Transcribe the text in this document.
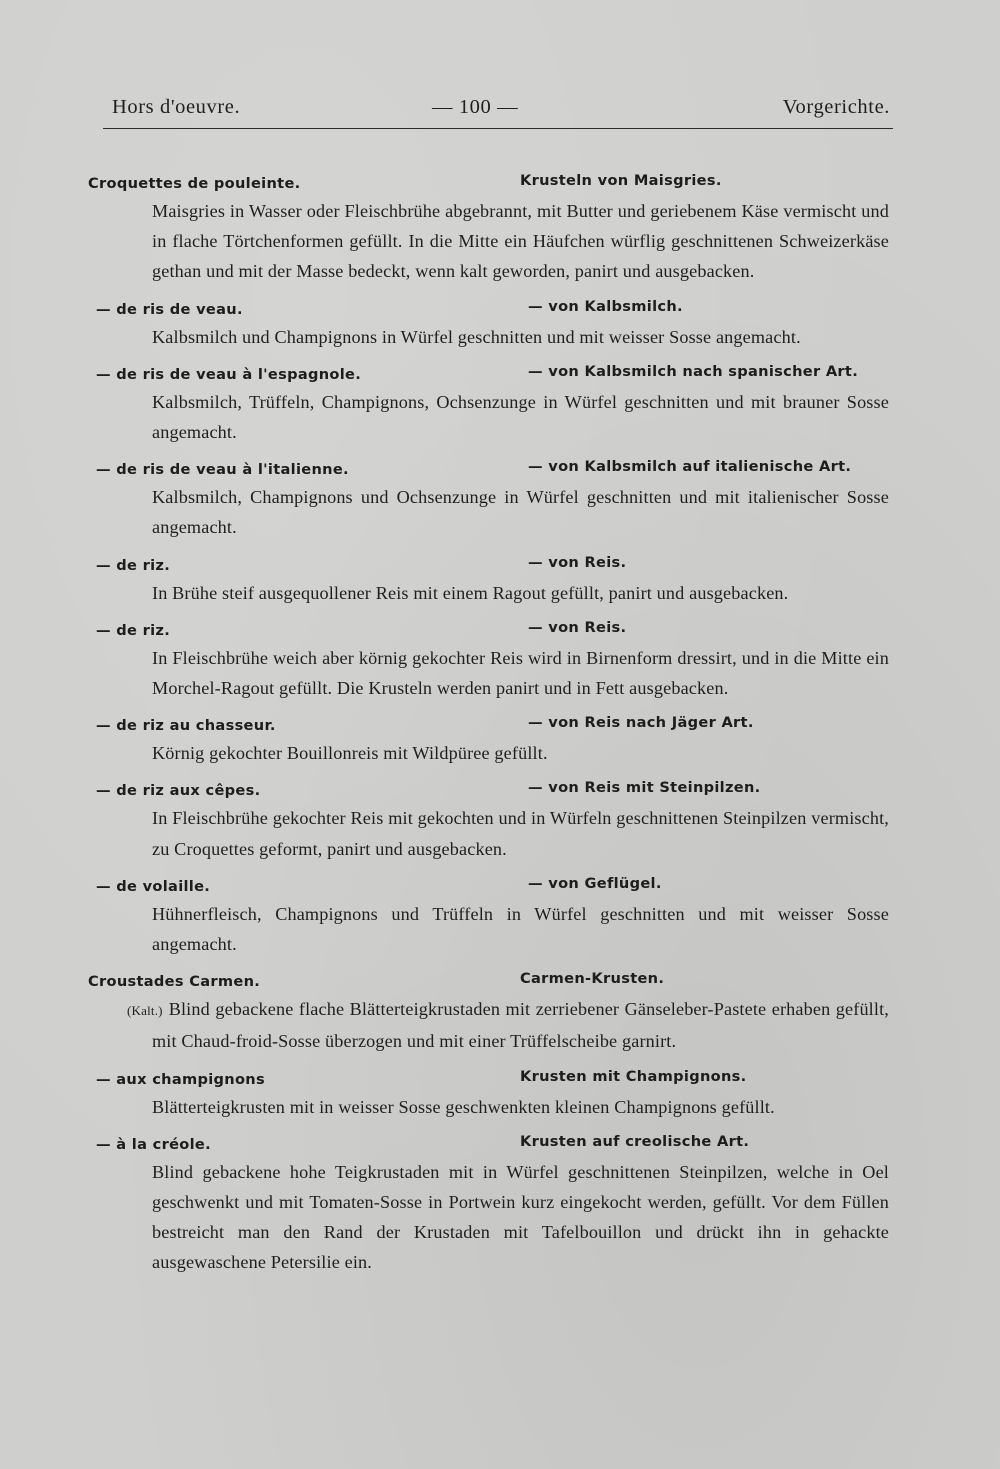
Hors d'oeuvre.	— 100 —	Vorgerichte.
Croquettes de pouleinte.	Krusteln von Maisgries.
Maisgries in Wasser oder Fleischbrühe abgebrannt, mit Butter und geriebenem Käse vermischt und in flache Törtchenformen gefüllt. In die Mitte ein Häufchen würflig geschnittenen Schweizerkäse gethan und mit der Masse bedeckt, wenn kalt geworden, panirt und ausgebacken.
— de ris de veau.	— von Kalbsmilch.
Kalbsmilch und Champignons in Würfel geschnitten und mit weisser Sosse angemacht.
— de ris de veau à l'espagnole.	— von Kalbsmilch nach spanischer Art.
Kalbsmilch, Trüffeln, Champignons, Ochsenzunge in Würfel geschnitten und mit brauner Sosse angemacht.
— de ris de veau à l'italienne.	— von Kalbsmilch auf italienische Art.
Kalbsmilch, Champignons und Ochsenzunge in Würfel geschnitten und mit italienischer Sosse angemacht.
— de riz.	— von Reis.
In Brühe steif ausgequollener Reis mit einem Ragout gefüllt, panirt und ausgebacken.
— de riz.	— von Reis.
In Fleischbrühe weich aber körnig gekochter Reis wird in Birnenform dressirt, und in die Mitte ein Morchel-Ragout gefüllt. Die Krusteln werden panirt und in Fett ausgebacken.
— de riz au chasseur.	— von Reis nach Jäger Art.
Körnig gekochter Bouillonreis mit Wildpüree gefüllt.
— de riz aux cêpes.	— von Reis mit Steinpilzen.
In Fleischbrühe gekochter Reis mit gekochten und in Würfeln geschnittenen Steinpilzen vermischt, zu Croquettes geformt, panirt und ausgebacken.
— de volaille.	— von Geflügel.
Hühnerfleisch, Champignons und Trüffeln in Würfel geschnitten und mit weisser Sosse angemacht.
Croustades Carmen.	Carmen-Krusten.
(Kalt.) Blind gebackene flache Blätterteigkrustaden mit zerriebener Gänseleber-Pastete erhaben gefüllt, mit Chaud-froid-Sosse überzogen und mit einer Trüffelscheibe garnirt.
— aux champignons	Krusten mit Champignons.
Blätterteigkrusten mit in weisser Sosse geschwenkten kleinen Champignons gefüllt.
— à la créole.	Krusten auf creolische Art.
Blind gebackene hohe Teigkrustaden mit in Würfel geschnittenen Steinpilzen, welche in Oel geschwenkt und mit Tomaten-Sosse in Portwein kurz eingekocht werden, gefüllt. Vor dem Füllen bestreicht man den Rand der Krustaden mit Tafelbouillon und drückt ihn in gehackte ausgewaschene Petersilie ein.
